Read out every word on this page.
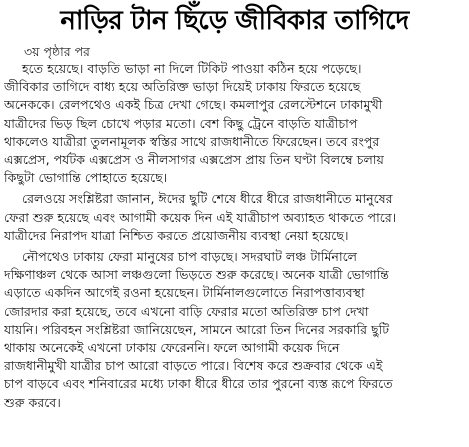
নাড়ির টান ছিঁড়ে জীবিকার তাগিদে
৩য় পৃষ্ঠার পর
হতে হয়েছে। বাড়তি ভাড়া না দিলে টিকিট পাওয়া কঠিন হয়ে পড়েছে।
জীবিকার তাগিদে বাধ্য হয়ে অতিরিক্ত ভাড়া দিয়েই ঢাকায় ফিরতে হয়েছে
অনেককে। রেলপথেও একই চিত্র দেখা গেছে। কমলাপুর রেলস্টেশনে ঢাকামুখী
যাত্রীদের ভিড় ছিল চোখে পড়ার মতো। বেশ কিছু ট্রেনে বাড়তি যাত্রীচাপ
থাকলেও যাত্রীরা তুলনামূলক স্বস্তির সাথে রাজধানীতে ফিরেছেন। তবে রংপুর
এক্সপ্রেস, পর্যটক এক্সপ্রেস ও নীলসাগর এক্সপ্রেস প্রায় তিন ঘণ্টা বিলম্বে চলায়
কিছুটা ভোগান্তি পোহাতে হয়েছে।
রেলওয়ে সংশ্লিষ্টরা জানান, ঈদের ছুটি শেষে ধীরে ধীরে রাজধানীতে মানুষের
ফেরা শুরু হয়েছে এবং আগামী কয়েক দিন এই যাত্রীচাপ অব্যাহত থাকতে পারে।
যাত্রীদের নিরাপদ যাত্রা নিশ্চিত করতে প্রয়োজনীয় ব্যবস্থা নেয়া হয়েছে।
নৌপথেও ঢাকায় ফেরা মানুষের চাপ বাড়ছে। সদরঘাট লঞ্চ টার্মিনালে
দক্ষিণাঞ্চল থেকে আসা লঞ্চগুলো ভিড়তে শুরু করেছে। অনেক যাত্রী ভোগান্তি
এড়াতে একদিন আগেই রওনা হয়েছেন। টার্মিনালগুলোতে নিরাপত্তাব্যবস্থা
জোরদার করা হয়েছে, তবে এখনো বাড়ি ফেরার মতো অতিরিক্ত চাপ দেখা
যায়নি। পরিবহন সংশ্লিষ্টরা জানিয়েছেন, সামনে আরো তিন দিনের সরকারি ছুটি
থাকায় অনেকেই এখনো ঢাকায় ফেরেননি। ফলে আগামী কয়েক দিনে
রাজধানীমুখী যাত্রীর চাপ আরো বাড়তে পারে। বিশেষ করে শুক্রবার থেকে এই
চাপ বাড়বে এবং শনিবারের মধ্যে ঢাকা ধীরে ধীরে তার পুরনো ব্যস্ত রূপে ফিরতে
শুরু করবে।
